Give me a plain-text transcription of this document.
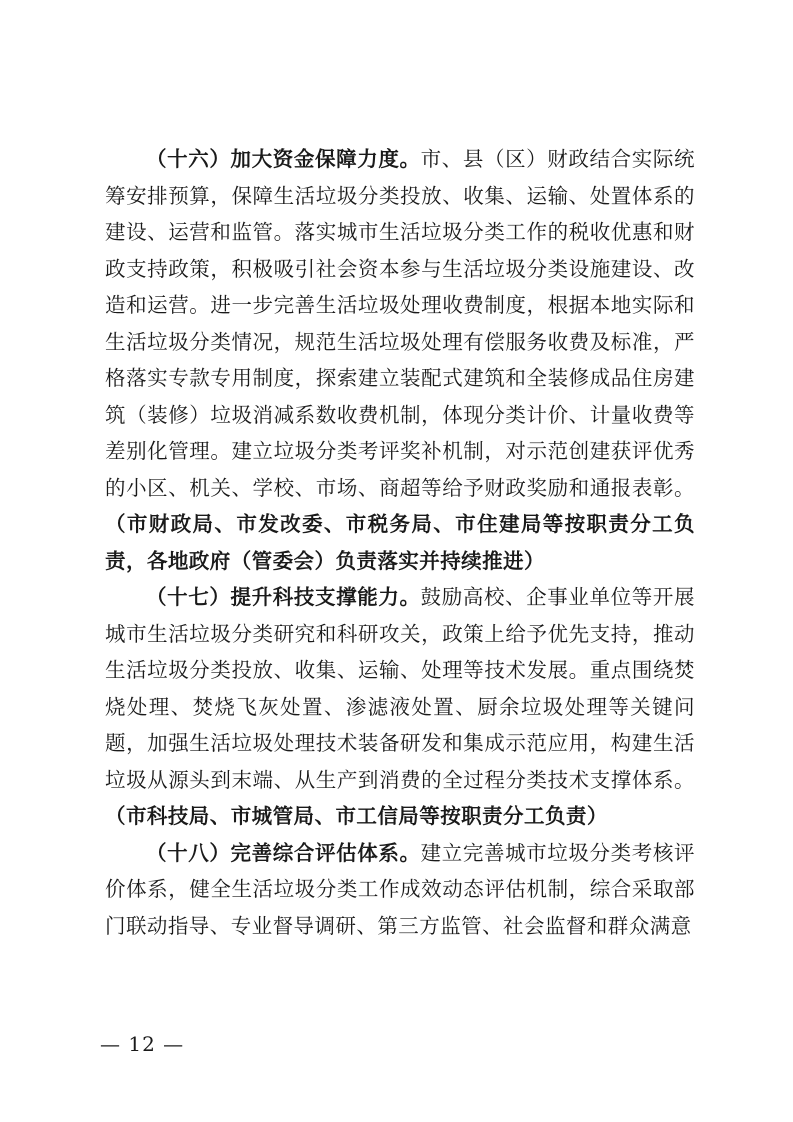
（十六）加大资金保障力度。市、县（区）财政结合实际统筹安排预算，保障生活垃圾分类投放、收集、运输、处置体系的建设、运营和监管。落实城市生活垃圾分类工作的税收优惠和财政支持政策，积极吸引社会资本参与生活垃圾分类设施建设、改造和运营。进一步完善生活垃圾处理收费制度，根据本地实际和生活垃圾分类情况，规范生活垃圾处理有偿服务收费及标准，严格落实专款专用制度，探索建立装配式建筑和全装修成品住房建筑（装修）垃圾消减系数收费机制，体现分类计价、计量收费等差别化管理。建立垃圾分类考评奖补机制，对示范创建获评优秀的小区、机关、学校、市场、商超等给予财政奖励和通报表彰。（市财政局、市发改委、市税务局、市住建局等按职责分工负责，各地政府（管委会）负责落实并持续推进）

（十七）提升科技支撑能力。鼓励高校、企事业单位等开展城市生活垃圾分类研究和科研攻关，政策上给予优先支持，推动生活垃圾分类投放、收集、运输、处理等技术发展。重点围绕焚烧处理、焚烧飞灰处置、渗滤液处置、厨余垃圾处理等关键问题，加强生活垃圾处理技术装备研发和集成示范应用，构建生活垃圾从源头到末端、从生产到消费的全过程分类技术支撑体系。（市科技局、市城管局、市工信局等按职责分工负责）

（十八）完善综合评估体系。建立完善城市垃圾分类考核评价体系，健全生活垃圾分类工作成效动态评估机制，综合采取部门联动指导、专业督导调研、第三方监管、社会监督和群众满意

— 12 —
